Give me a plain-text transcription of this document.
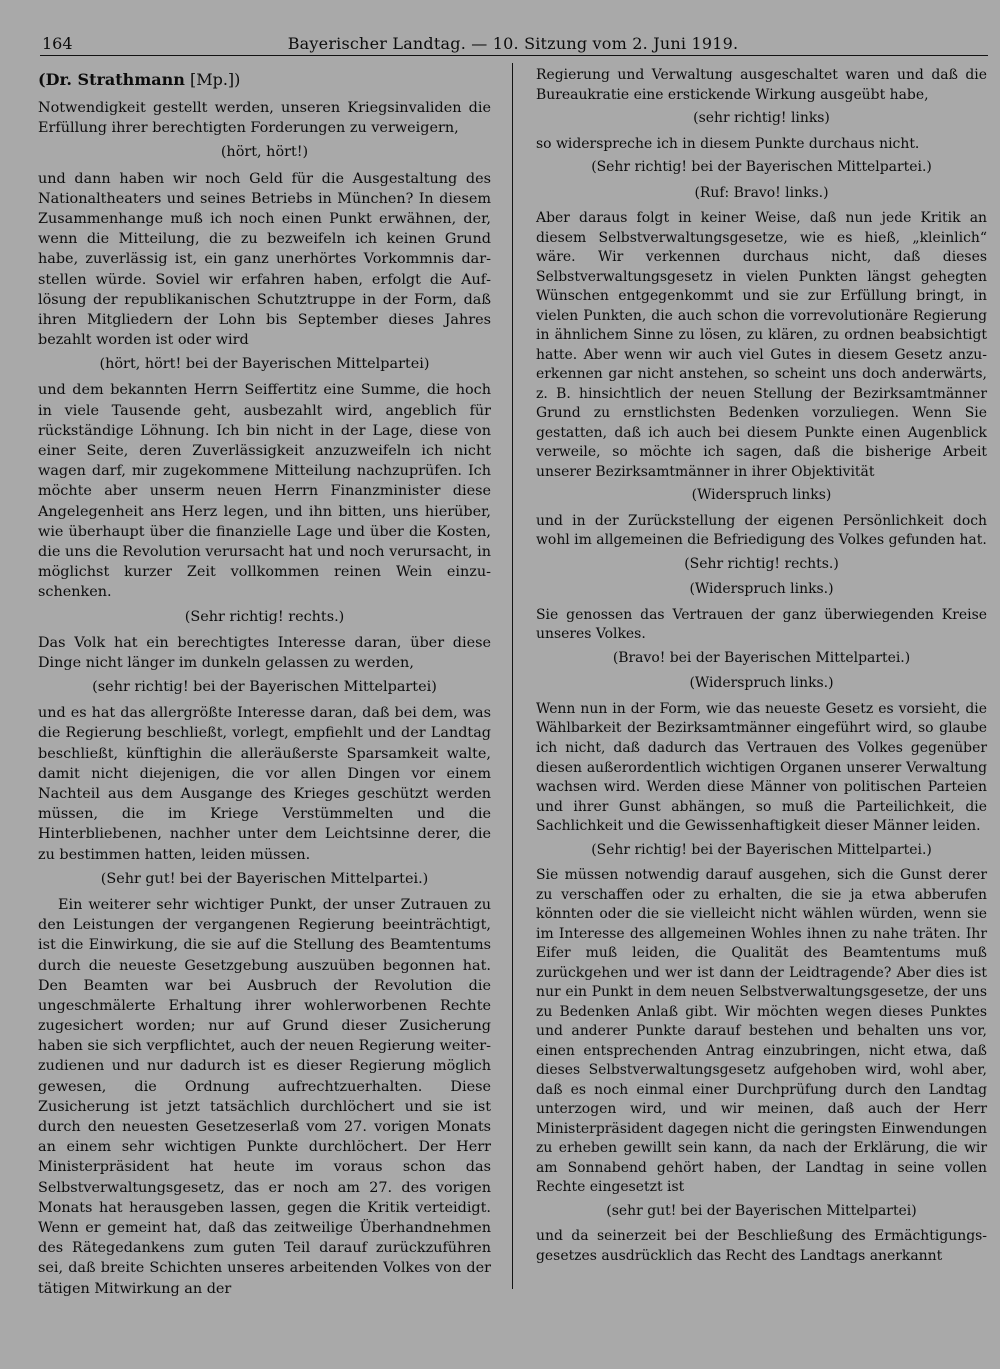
164	Bayerischer Landtag. — 10. Sitzung vom 2. Juni 1919.
(Dr. Strathmann [Mp.])

Notwendigkeit gestellt werden, unseren Kriegsinvaliden die Erfüllung ihrer berechtigten Forderungen zu verweigern,

(hört, hört!)

und dann haben wir noch Geld für die Ausgestaltung des Nationaltheaters und seines Betriebs in München? In diesem Zusammenhange muß ich noch einen Punkt erwähnen, der, wenn die Mitteilung, die zu bezweifeln ich keinen Grund habe, zuverlässig ist, ein ganz unerhörtes Vorkommnis darstellen würde. Soviel wir erfahren haben, erfolgt die Auflösung der republikanischen Schutztruppe in der Form, daß ihren Mitgliedern der Lohn bis September dieses Jahres bezahlt worden ist oder wird

(hört, hört! bei der Bayerischen Mittelpartei)

und dem bekannten Herrn Seiffertitz eine Summe, die hoch in viele Tausende geht, ausbezahlt wird, angeblich für rückständige Löhnung. Ich bin nicht in der Lage, diese von einer Seite, deren Zuverlässigkeit anzuzweifeln ich nicht wagen darf, mir zugekommene Mitteilung nachzuprüfen. Ich möchte aber unserm neuen Herrn Finanzminister diese Angelegenheit ans Herz legen, und ihn bitten, uns hierüber, wie überhaupt über die finanzielle Lage und über die Kosten, die uns die Revolution verursacht hat und noch verursacht, in möglichst kurzer Zeit vollkommen reinen Wein einzuschenken.

(Sehr richtig! rechts.)

Das Volk hat ein berechtigtes Interesse daran, über diese Dinge nicht länger im dunkeln gelassen zu werden,

(sehr richtig! bei der Bayerischen Mittelpartei)

und es hat das allergrößte Interesse daran, daß bei dem, was die Regierung beschließt, vorlegt, empfiehlt und der Landtag beschließt, künftighin die alleräußerste Sparsamkeit walte, damit nicht diejenigen, die vor allen Dingen vor einem Nachteil aus dem Ausgange des Krieges geschützt werden müssen, die im Kriege Verstümmelten und die Hinterbliebenen, nachher unter dem Leichtsinne derer, die zu bestimmen hatten, leiden müssen.

(Sehr gut! bei der Bayerischen Mittelpartei.)

Ein weiterer sehr wichtiger Punkt, der unser Zutrauen zu den Leistungen der vergangenen Regierung beeinträchtigt, ist die Einwirkung, die sie auf die Stellung des Beamtentums durch die neueste Gesetzgebung auszuüben begonnen hat. Den Beamten war bei Ausbruch der Revolution die ungeschmälerte Erhaltung ihrer wohlerworbenen Rechte zugesichert worden; nur auf Grund dieser Zusicherung haben sie sich verpflichtet, auch der neuen Regierung weiterzudienen und nur dadurch ist es dieser Regierung möglich gewesen, die Ordnung aufrechtzuerhalten. Diese Zusicherung ist jetzt tatsächlich durchlöchert und sie ist durch den neuesten Gesetzeserlaß vom 27. vorigen Monats an einem sehr wichtigen Punkte durchlöchert. Der Herr Ministerpräsident hat heute im voraus schon das Selbstverwaltungsgesetz, das er noch am 27. des vorigen Monats hat herausgeben lassen, gegen die Kritik verteidigt. Wenn er gemeint hat, daß das zeitweilige Überhandnehmen des Rätegedankens zum guten Teil darauf zurückzuführen sei, daß breite Schichten unseres arbeitenden Volkes von der tätigen Mitwirkung an der

Regierung und Verwaltung ausgeschaltet waren und daß die Bureaukratie eine erstickende Wirkung ausgeübt habe,

(sehr richtig! links)

so widerspreche ich in diesem Punkte durchaus nicht.

(Sehr richtig! bei der Bayerischen Mittelpartei.)

(Ruf: Bravo! links.)

Aber daraus folgt in keiner Weise, daß nun jede Kritik an diesem Selbstverwaltungsgesetze, wie es hieß, „kleinlich“ wäre. Wir verkennen durchaus nicht, daß dieses Selbstverwaltungsgesetz in vielen Punkten längst gehegten Wünschen entgegenkommt und sie zur Erfüllung bringt, in vielen Punkten, die auch schon die vorrevolutionäre Regierung in ähnlichem Sinne zu lösen, zu klären, zu ordnen beabsichtigt hatte. Aber wenn wir auch viel Gutes in diesem Gesetz anzuerkennen gar nicht anstehen, so scheint uns doch anderwärts, z. B. hinsichtlich der neuen Stellung der Bezirksamtmänner Grund zu ernstlichsten Bedenken vorzuliegen. Wenn Sie gestatten, daß ich auch bei diesem Punkte einen Augenblick verweile, so möchte ich sagen, daß die bisherige Arbeit unserer Bezirksamtmänner in ihrer Objektivität

(Widerspruch links)

und in der Zurückstellung der eigenen Persönlichkeit doch wohl im allgemeinen die Befriedigung des Volkes gefunden hat.

(Sehr richtig! rechts.)

(Widerspruch links.)

Sie genossen das Vertrauen der ganz überwiegenden Kreise unseres Volkes.

(Bravo! bei der Bayerischen Mittelpartei.)

(Widerspruch links.)

Wenn nun in der Form, wie das neueste Gesetz es vorsieht, die Wählbarkeit der Bezirksamtmänner eingeführt wird, so glaube ich nicht, daß dadurch das Vertrauen des Volkes gegenüber diesen außerordentlich wichtigen Organen unserer Verwaltung wachsen wird. Werden diese Männer von politischen Parteien und ihrer Gunst abhängen, so muß die Parteilichkeit, die Sachlichkeit und die Gewissenhaftigkeit dieser Männer leiden.

(Sehr richtig! bei der Bayerischen Mittelpartei.)

Sie müssen notwendig darauf ausgehen, sich die Gunst derer zu verschaffen oder zu erhalten, die sie ja etwa abberufen könnten oder die sie vielleicht nicht wählen würden, wenn sie im Interesse des allgemeinen Wohles ihnen zu nahe träten. Ihr Eifer muß leiden, die Qualität des Beamtentums muß zurückgehen und wer ist dann der Leidtragende? Aber dies ist nur ein Punkt in dem neuen Selbstverwaltungsgesetze, der uns zu Bedenken Anlaß gibt. Wir möchten wegen dieses Punktes und anderer Punkte darauf bestehen und behalten uns vor, einen entsprechenden Antrag einzubringen, nicht etwa, daß dieses Selbstverwaltungsgesetz aufgehoben wird, wohl aber, daß es noch einmal einer Durchprüfung durch den Landtag unterzogen wird, und wir meinen, daß auch der Herr Ministerpräsident dagegen nicht die geringsten Einwendungen zu erheben gewillt sein kann, da nach der Erklärung, die wir am Sonnabend gehört haben, der Landtag in seine vollen Rechte eingesetzt ist

(sehr gut! bei der Bayerischen Mittelpartei)

und da seinerzeit bei der Beschließung des Ermächtigungsgesetzes ausdrücklich das Recht des Landtags anerkannt
